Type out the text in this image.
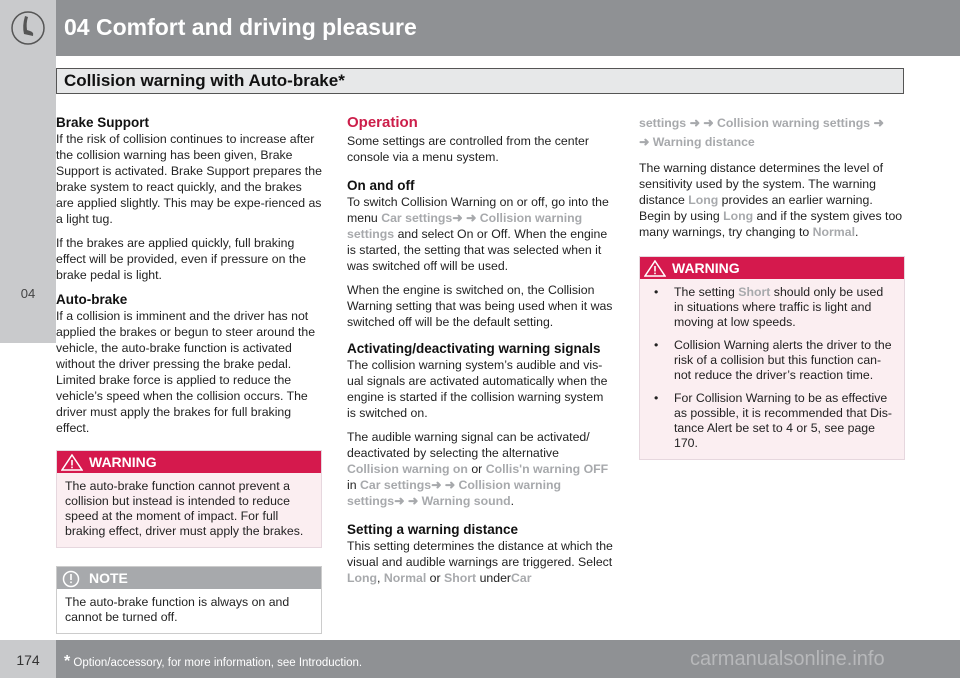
04 Comfort and driving pleasure
04
Collision warning with Auto-brake*
Brake Support

If the risk of collision continues to increase after the collision warning has been given, Brake Support is activated. Brake Support prepares the brake system to react quickly, and the brakes are applied slightly. This may be expe-rienced as a light tug.

If the brakes are applied quickly, full braking effect will be provided, even if pressure on the brake pedal is light.

Auto-brake

If a collision is imminent and the driver has not applied the brakes or begun to steer around the vehicle, the auto-brake function is activated without the driver pressing the brake pedal. Limited brake force is applied to reduce the vehicle’s speed when the collision occurs. The driver must apply the brakes for full braking effect.

WARNING
The auto-brake function cannot prevent a collision but instead is intended to reduce speed at the moment of impact. For full braking effect, driver must apply the brakes.
NOTE
The auto-brake function is always on and cannot be turned off.
Operation

Some settings are controlled from the center console via a menu system.

On and off

To switch Collision Warning on or off, go into the menu Car settings➜ ➜ Collision warning settings and select On or Off. When the engine is started, the setting that was selected when it was switched off will be used.

When the engine is switched on, the Collision Warning setting that was being used when it was switched off will be the default setting.

Activating/deactivating warning signals

The collision warning system’s audible and vis-ual signals are activated automatically when the engine is started if the collision warning system is switched on.

The audible warning signal can be activated/ deactivated by selecting the alternative Collision warning on or Collis'n warning OFF in Car settings➜ ➜ Collision warning settings➜ ➜ Warning sound.

Setting a warning distance

This setting determines the distance at which the visual and audible warnings are triggered. Select Long, Normal or Short underCar

settings ➜ ➜ Collision warning settings ➜
➜ Warning distance

The warning distance determines the level of sensitivity used by the system. The warning distance Long provides an earlier warning. Begin by using Long and if the system gives too many warnings, try changing to Normal.

WARNING
• The setting Short should only be used in situations where traffic is light and moving at low speeds.
• Collision Warning alerts the driver to the risk of a collision but this function can-not reduce the driver’s reaction time.
• For Collision Warning to be as effective as possible, it is recommended that Dis-tance Alert be set to 4 or 5, see page 170.
174	* Option/accessory, for more information, see Introduction.	carmanualsonline.info
